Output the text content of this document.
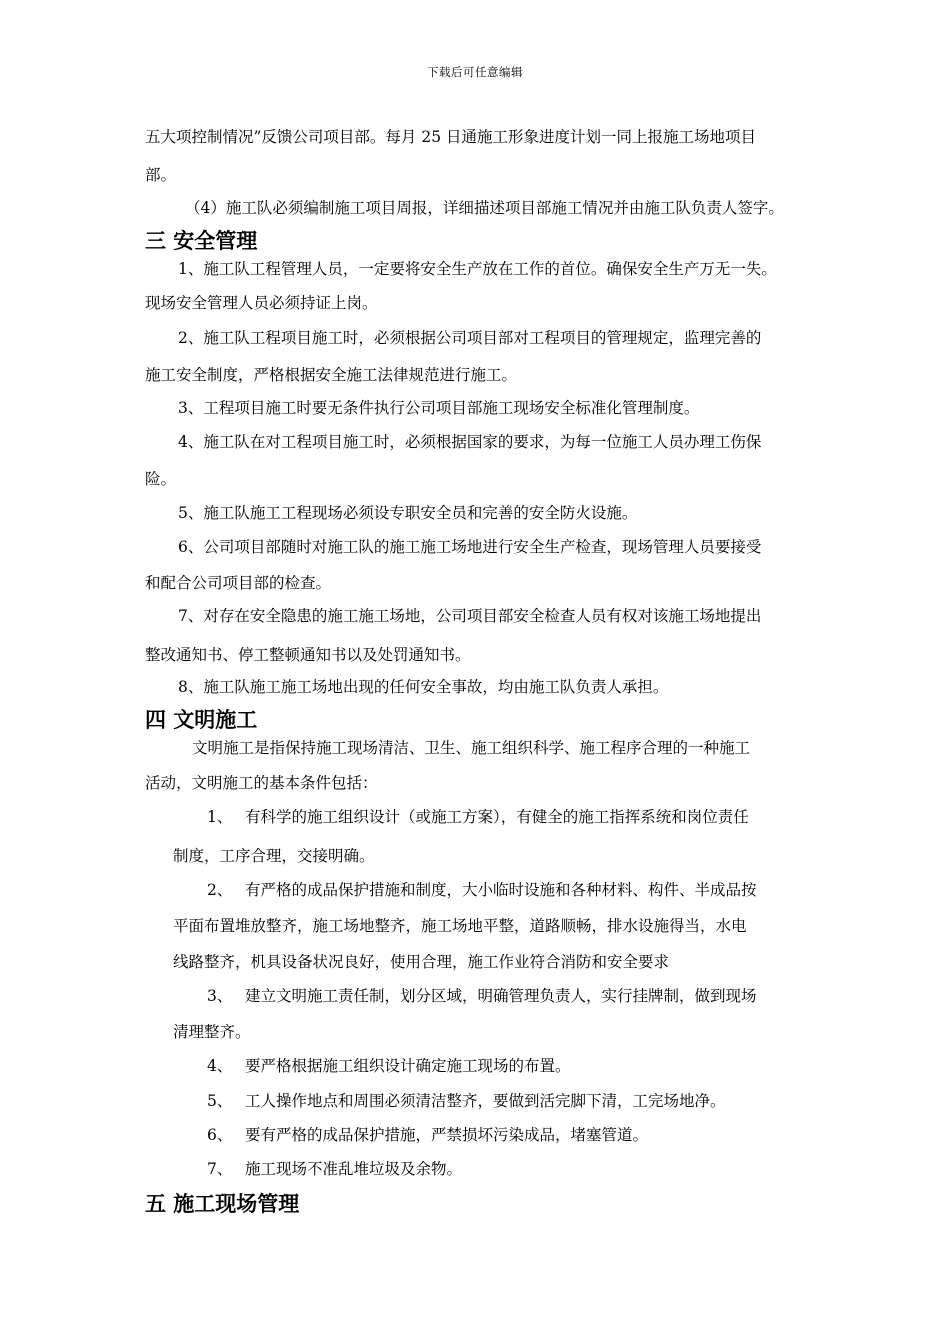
下载后可任意编辑
五大项控制情况”反馈公司项目部。每月 25 日通施工形象进度计划一同上报施工场地项目
部。
（4）施工队必须编制施工项目周报，详细描述项目部施工情况并由施工队负责人签字。
三 安全管理
1、施工队工程管理人员，一定要将安全生产放在工作的首位。确保安全生产万无一失。
现场安全管理人员必须持证上岗。
2、施工队工程项目施工时，必须根据公司项目部对工程项目的管理规定，监理完善的
施工安全制度，严格根据安全施工法律规范进行施工。
3、工程项目施工时要无条件执行公司项目部施工现场安全标准化管理制度。
4、施工队在对工程项目施工时，必须根据国家的要求，为每一位施工人员办理工伤保
险。
5、施工队施工工程现场必须设专职安全员和完善的安全防火设施。
6、公司项目部随时对施工队的施工施工场地进行安全生产检查，现场管理人员要接受
和配合公司项目部的检查。
7、对存在安全隐患的施工施工场地，公司项目部安全检查人员有权对该施工场地提出
整改通知书、停工整顿通知书以及处罚通知书。
8、施工队施工施工场地出现的任何安全事故，均由施工队负责人承担。
四 文明施工
文明施工是指保持施工现场清洁、卫生、施工组织科学、施工程序合理的一种施工
活动，文明施工的基本条件包括：
1、 有科学的施工组织设计（或施工方案），有健全的施工指挥系统和岗位责任
制度，工序合理，交接明确。
2、 有严格的成品保护措施和制度，大小临时设施和各种材料、构件、半成品按
平面布置堆放整齐，施工场地整齐，施工场地平整，道路顺畅，排水设施得当，水电
线路整齐，机具设备状况良好，使用合理，施工作业符合消防和安全要求
3、 建立文明施工责任制，划分区域，明确管理负责人，实行挂牌制，做到现场
清理整齐。
4、 要严格根据施工组织设计确定施工现场的布置。
5、 工人操作地点和周围必须清洁整齐，要做到活完脚下清，工完场地净。
6、 要有严格的成品保护措施，严禁损坏污染成品，堵塞管道。
7、 施工现场不准乱堆垃圾及余物。
五 施工现场管理
